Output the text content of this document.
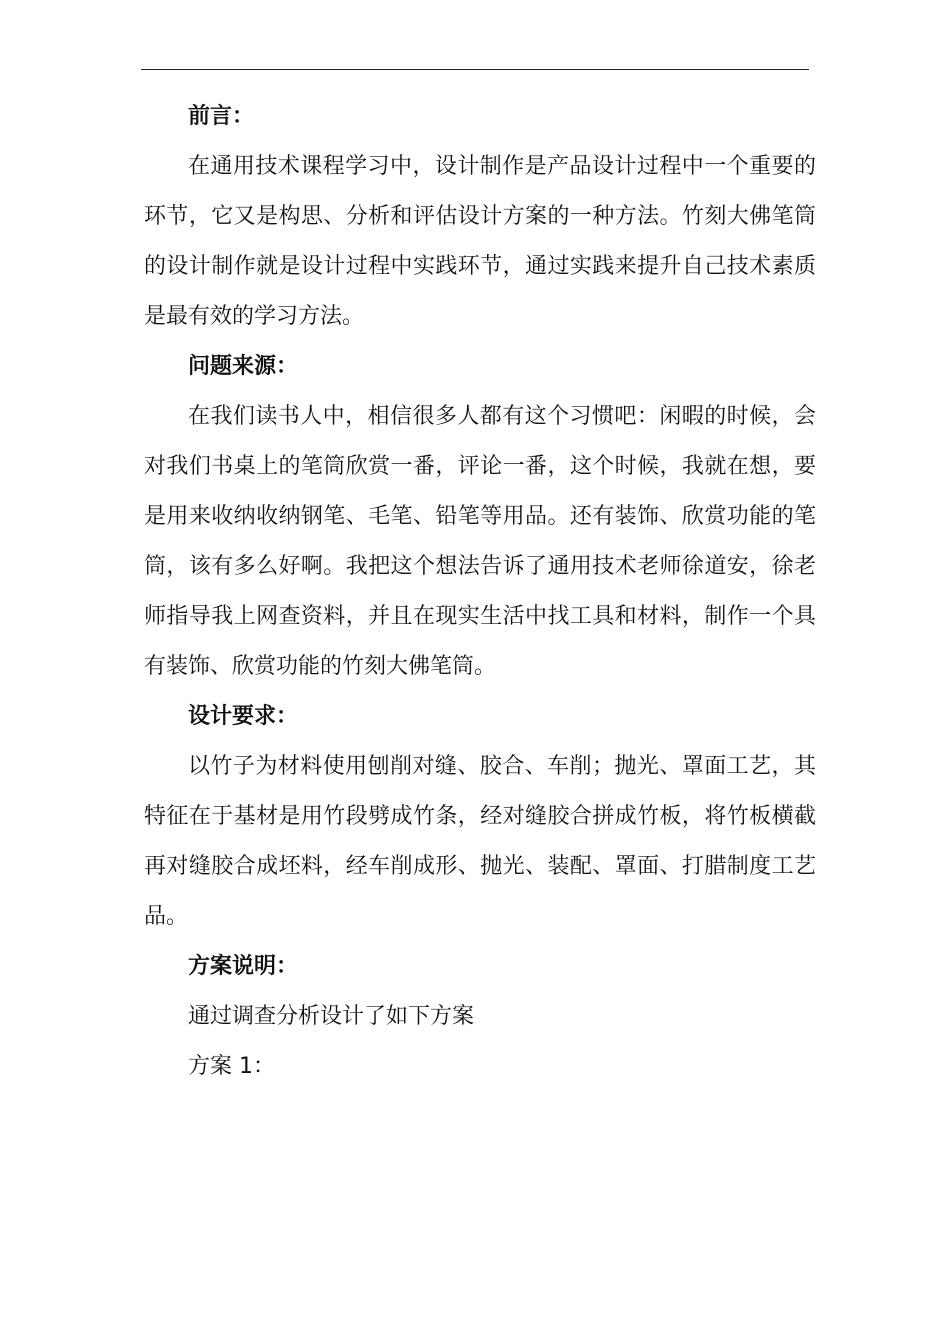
前言：

在通用技术课程学习中，设计制作是产品设计过程中一个重要的环节，它又是构思、分析和评估设计方案的一种方法。竹刻大佛笔筒的设计制作就是设计过程中实践环节，通过实践来提升自己技术素质是最有效的学习方法。

问题来源：

在我们读书人中，相信很多人都有这个习惯吧：闲暇的时候，会对我们书桌上的笔筒欣赏一番，评论一番，这个时候，我就在想，要是用来收纳收纳钢笔、毛笔、铅笔等用品。还有装饰、欣赏功能的笔筒，该有多么好啊。我把这个想法告诉了通用技术老师徐道安，徐老师指导我上网查资料，并且在现实生活中找工具和材料，制作一个具有装饰、欣赏功能的竹刻大佛笔筒。

设计要求：

以竹子为材料使用刨削对缝、胶合、车削；抛光、罩面工艺，其特征在于基材是用竹段劈成竹条，经对缝胶合拼成竹板，将竹板横截再对缝胶合成坯料，经车削成形、抛光、装配、罩面、打腊制度工艺品。

方案说明：
通过调查分析设计了如下方案
方案 1：
